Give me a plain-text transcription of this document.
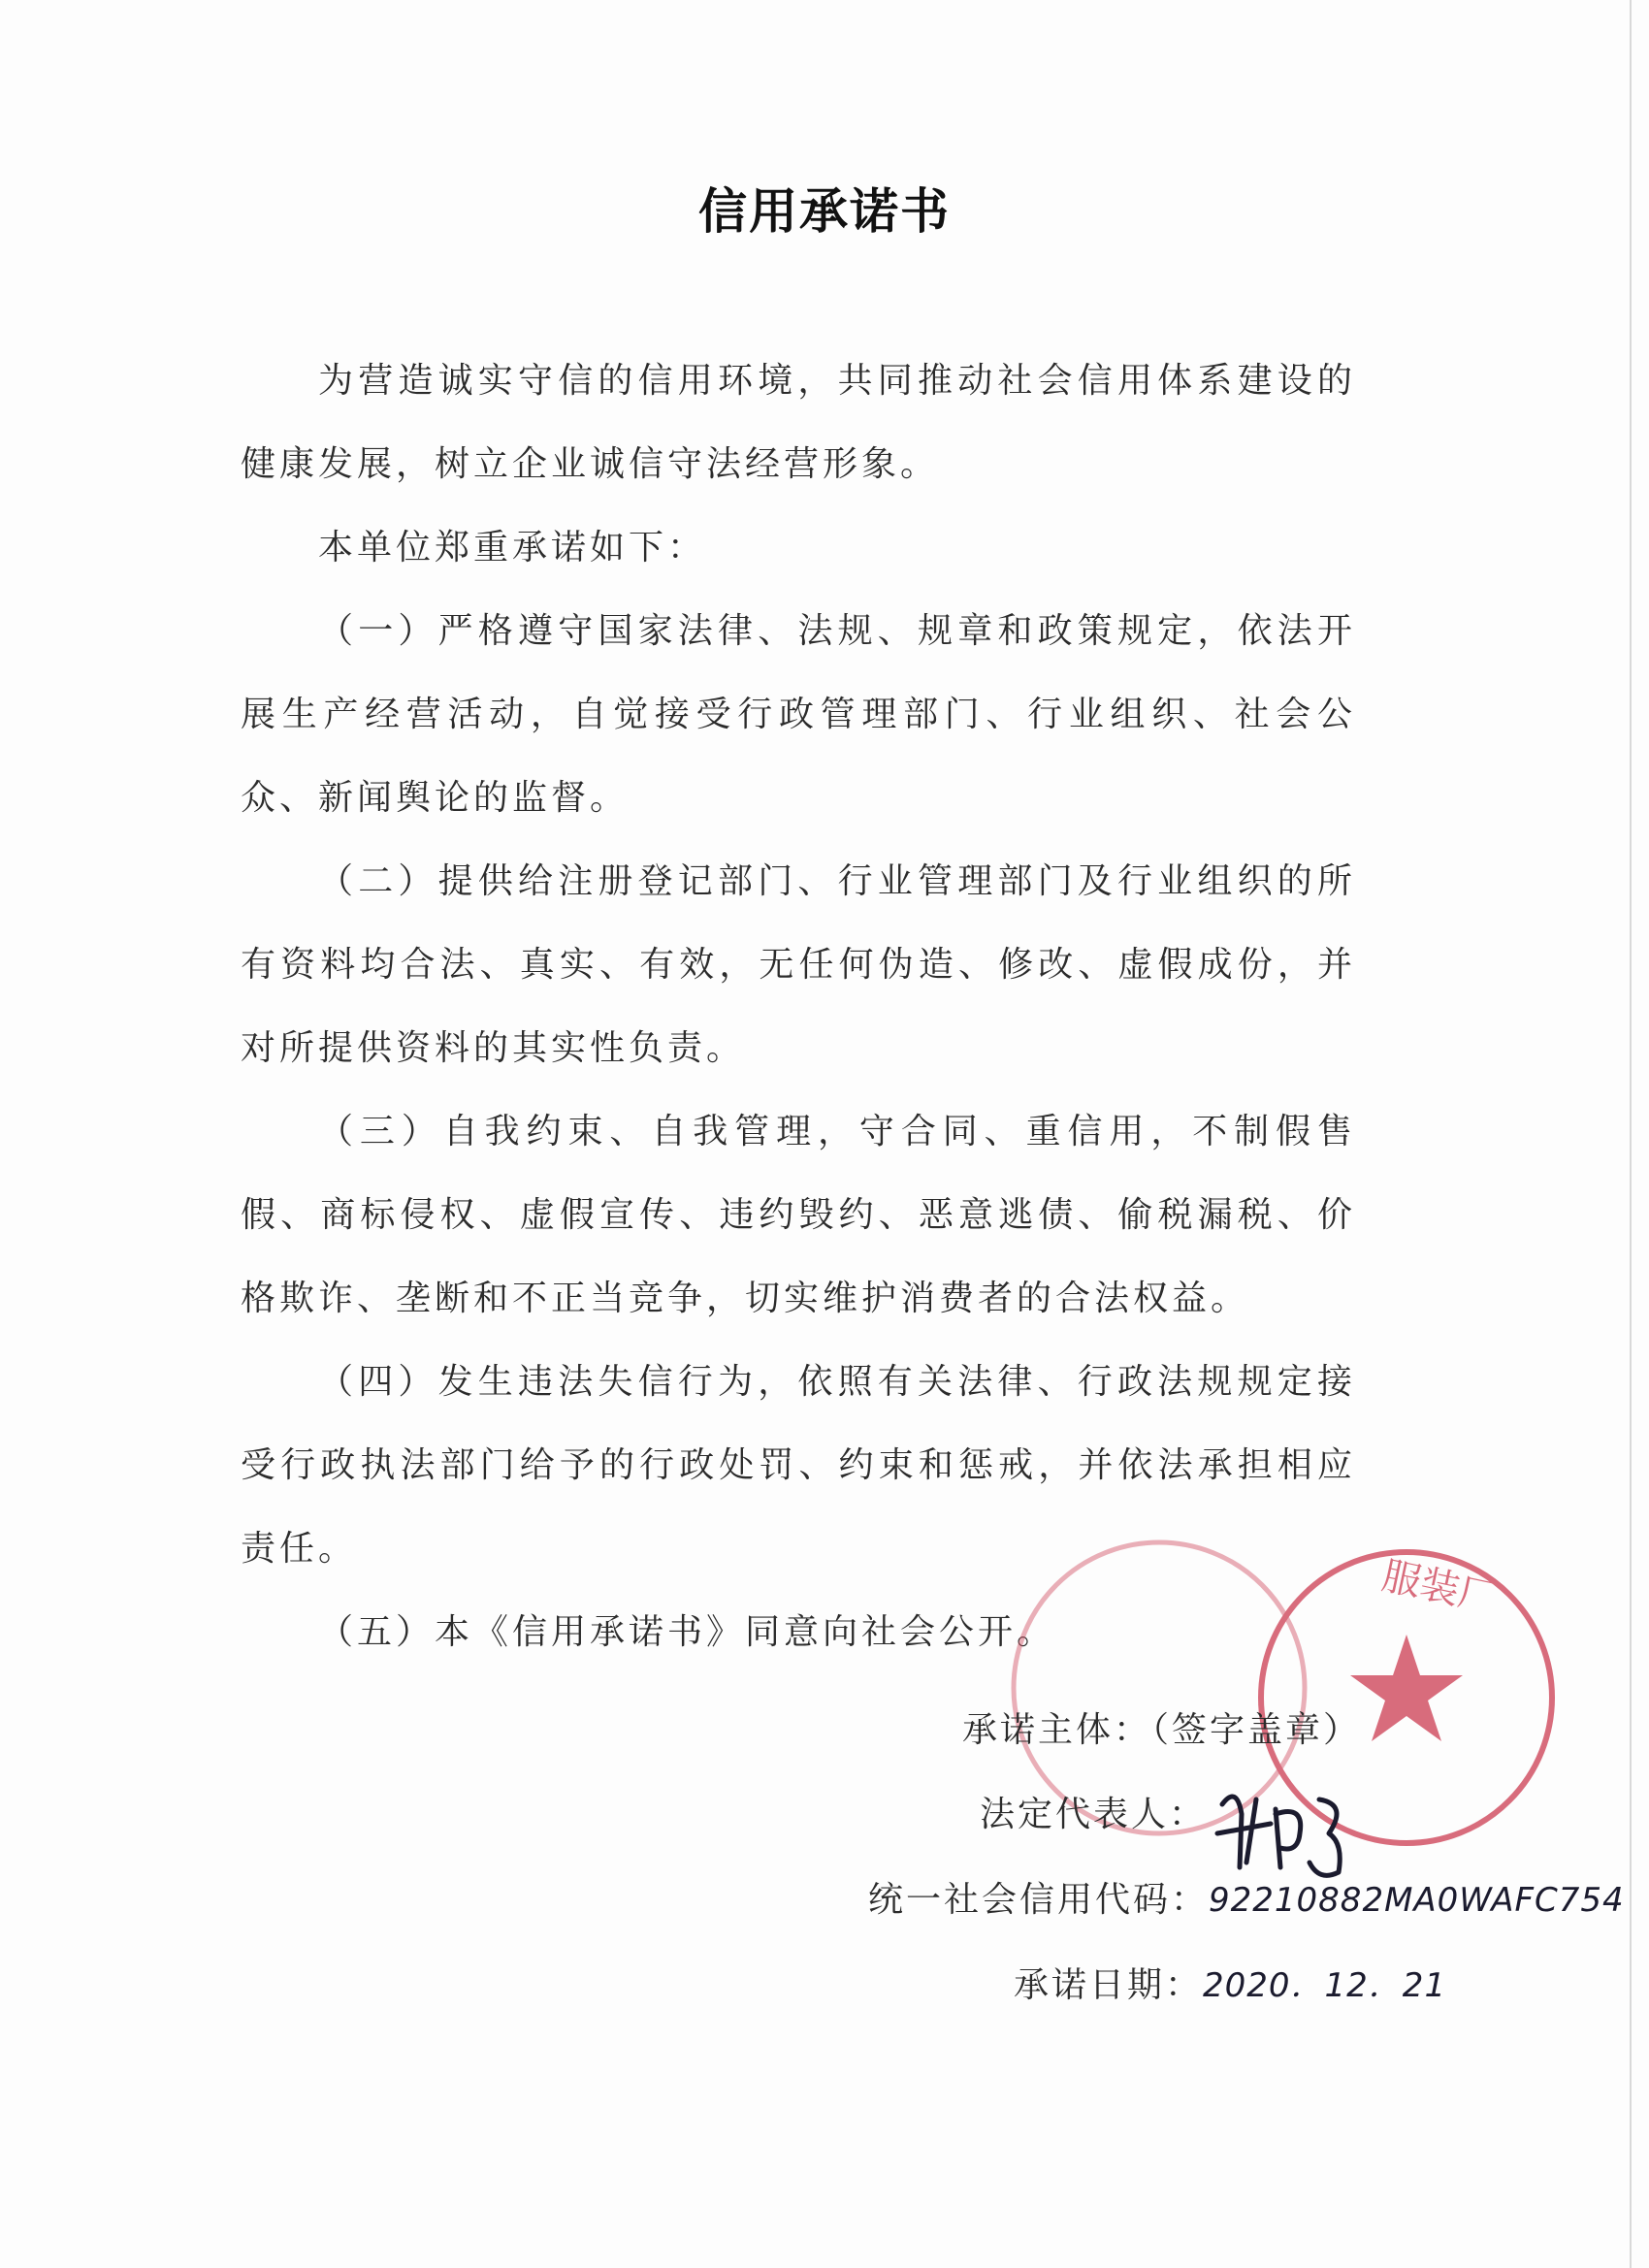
信用承诺书

为营造诚实守信的信用环境，共同推动社会信用体系建设的健康发展，树立企业诚信守法经营形象。

本单位郑重承诺如下：

（一）严格遵守国家法律、法规、规章和政策规定，依法开展生产经营活动，自觉接受行政管理部门、行业组织、社会公众、新闻舆论的监督。

（二）提供给注册登记部门、行业管理部门及行业组织的所有资料均合法、真实、有效，无任何伪造、修改、虚假成份，并对所提供资料的其实性负责。

（三）自我约束、自我管理，守合同、重信用，不制假售假、商标侵权、虚假宣传、违约毁约、恶意逃债、偷税漏税、价格欺诈、垄断和不正当竞争，切实维护消费者的合法权益。

（四）发生违法失信行为，依照有关法律、行政法规规定接受行政执法部门给予的行政处罚、约束和惩戒，并依法承担相应责任。

（五）本《信用承诺书》同意向社会公开。

服装厂
承诺主体：（签字盖章）
法定代表人：
统一社会信用代码：92210882MA0WAFC754
承诺日期：2020．12．21
